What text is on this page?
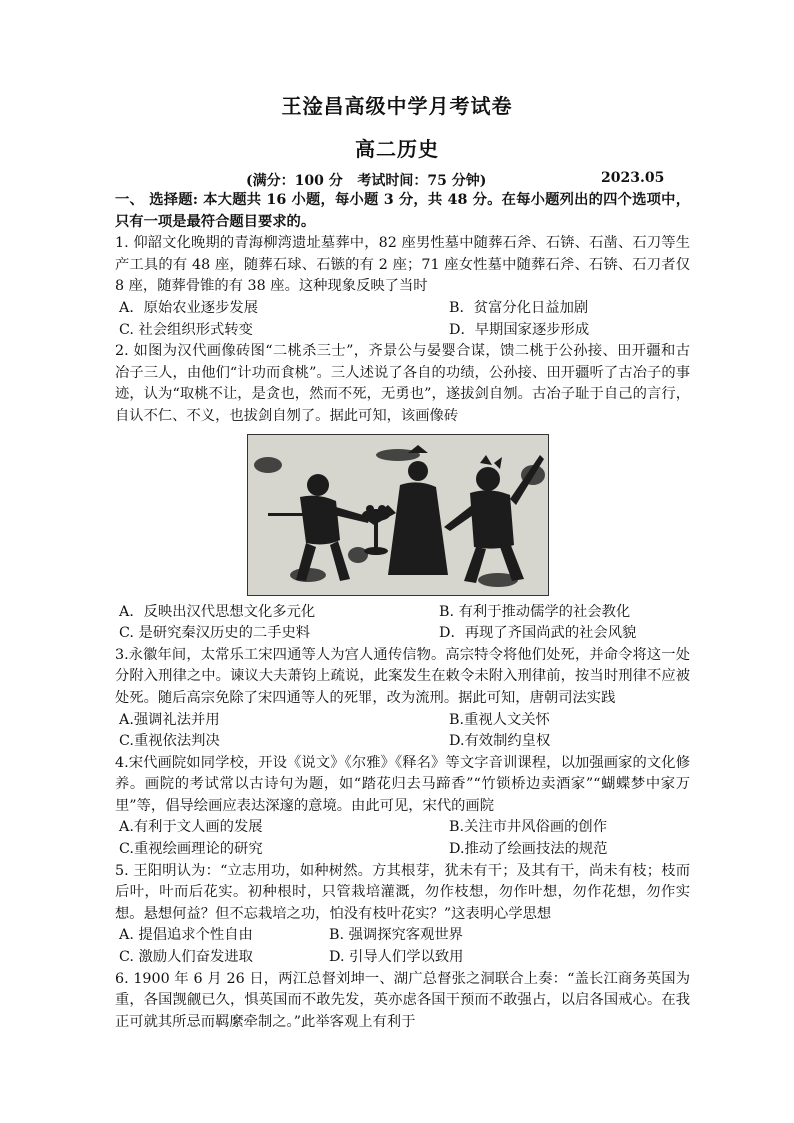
王淦昌高级中学月考试卷
高二历史
(满分：100 分   考试时间：75 分钟)	2023.05

一、 选择题: 本大题共 16 小题，每小题 3 分，共 48 分。在每小题列出的四个选项中，只有一项是最符合题目要求的。

1. 仰韶文化晚期的青海柳湾遗址墓葬中，82 座男性墓中随葬石斧、石锛、石凿、石刀等生产工具的有 48 座，随葬石球、石镞的有 2 座；71 座女性墓中随葬石斧、石锛、石刀者仅 8 座，随葬骨锥的有 38 座。这种现象反映了当时

A．原始农业逐步发展	B．贫富分化日益加剧
C. 社会组织形式转变	D．早期国家逐步形成

2. 如图为汉代画像砖图“二桃杀三士”，齐景公与晏婴合谋，馈二桃于公孙接、田开疆和古冶子三人，由他们“计功而食桃”。三人述说了各自的功绩，公孙接、田开疆听了古冶子的事迹，认为“取桃不让，是贪也，然而不死，无勇也”，遂拔剑自刎。古冶子耻于自己的言行，自认不仁、不义，也拔剑自刎了。据此可知，该画像砖

A．反映出汉代思想文化多元化	B. 有利于推动儒学的社会教化
C. 是研究秦汉历史的二手史料	D．再现了齐国尚武的社会风貌

3.永徽年间，太常乐工宋四通等人为宫人通传信物。高宗特令将他们处死，并命令将这一处分附入刑律之中。谏议大夫萧钧上疏说，此案发生在敕令未附入刑律前，按当时刑律不应被处死。随后高宗免除了宋四通等人的死罪，改为流刑。据此可知，唐朝司法实践

A.强调礼法并用	B.重视人文关怀
C.重视依法判决	D.有效制约皇权

4.宋代画院如同学校，开设《说文》《尔雅》《释名》等文字音训课程，以加强画家的文化修养。画院的考试常以古诗句为题，如“踏花归去马蹄香”“竹锁桥边卖酒家”“蝴蝶梦中家万里”等，倡导绘画应表达深邃的意境。由此可见，宋代的画院

A.有利于文人画的发展	B.关注市井风俗画的创作
C.重视绘画理论的研究	D.推动了绘画技法的规范

5. 王阳明认为：“立志用功，如种树然。方其根芽，犹未有干；及其有干，尚未有枝；枝而后叶，叶而后花实。初种根时，只管栽培灌溉，勿作枝想，勿作叶想，勿作花想，勿作实想。悬想何益？但不忘栽培之功，怕没有枝叶花实？”这表明心学思想

A. 提倡追求个性自由	B. 强调探究客观世界
C. 激励人们奋发进取	D. 引导人们学以致用

6. 1900 年 6 月 26 日，两江总督刘坤一、湖广总督张之洞联合上奏：“盖长江商务英国为重，各国觊觎已久，惧英国而不敢先发，英亦虑各国干预而不敢强占，以启各国戒心。在我正可就其所忌而羁縻牵制之。”此举客观上有利于
